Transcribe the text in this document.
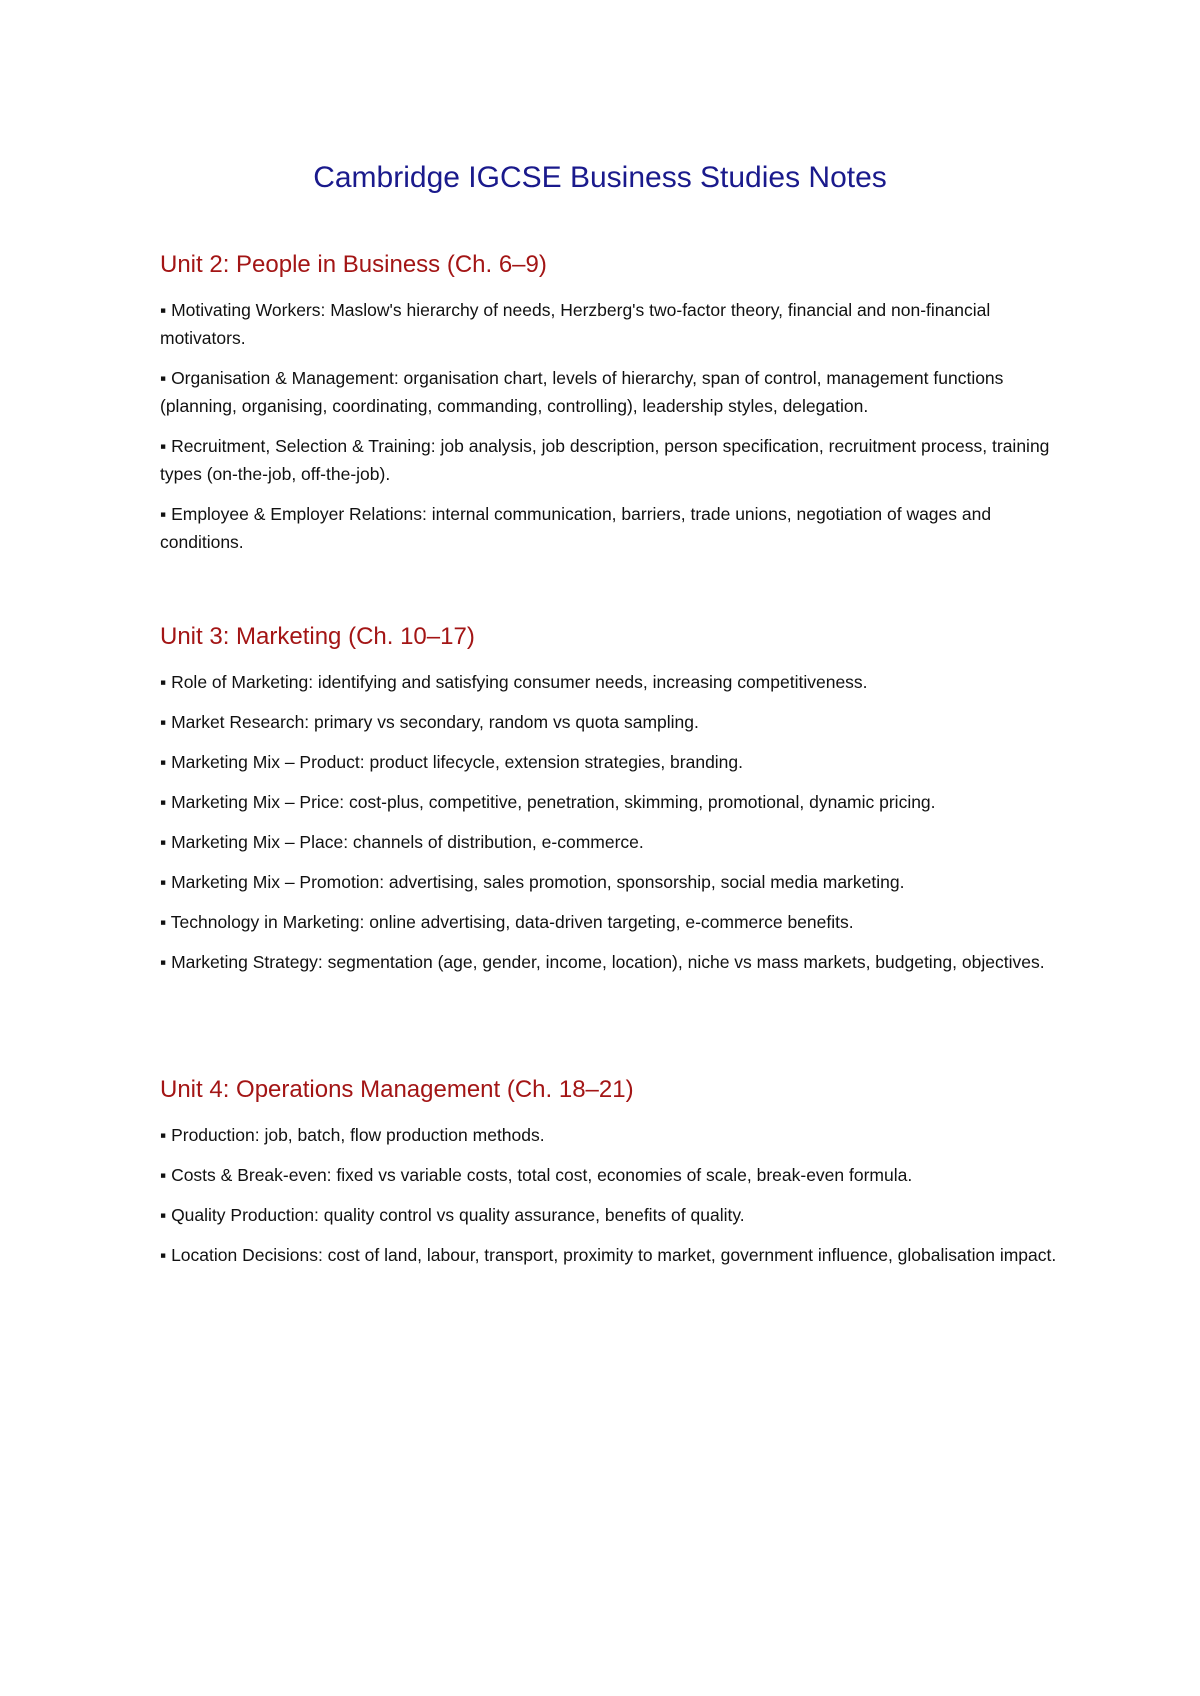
Cambridge IGCSE Business Studies Notes
Unit 2: People in Business (Ch. 6–9)
▪ Motivating Workers: Maslow's hierarchy of needs, Herzberg's two-factor theory, financial and non-financial motivators.
▪ Organisation & Management: organisation chart, levels of hierarchy, span of control, management functions (planning, organising, coordinating, commanding, controlling), leadership styles, delegation.
▪ Recruitment, Selection & Training: job analysis, job description, person specification, recruitment process, training types (on-the-job, off-the-job).
▪ Employee & Employer Relations: internal communication, barriers, trade unions, negotiation of wages and conditions.
Unit 3: Marketing (Ch. 10–17)
▪ Role of Marketing: identifying and satisfying consumer needs, increasing competitiveness.
▪ Market Research: primary vs secondary, random vs quota sampling.
▪ Marketing Mix – Product: product lifecycle, extension strategies, branding.
▪ Marketing Mix – Price: cost-plus, competitive, penetration, skimming, promotional, dynamic pricing.
▪ Marketing Mix – Place: channels of distribution, e-commerce.
▪ Marketing Mix – Promotion: advertising, sales promotion, sponsorship, social media marketing.
▪ Technology in Marketing: online advertising, data-driven targeting, e-commerce benefits.
▪ Marketing Strategy: segmentation (age, gender, income, location), niche vs mass markets, budgeting, objectives.
Unit 4: Operations Management (Ch. 18–21)
▪ Production: job, batch, flow production methods.
▪ Costs & Break-even: fixed vs variable costs, total cost, economies of scale, break-even formula.
▪ Quality Production: quality control vs quality assurance, benefits of quality.
▪ Location Decisions: cost of land, labour, transport, proximity to market, government influence, globalisation impact.
